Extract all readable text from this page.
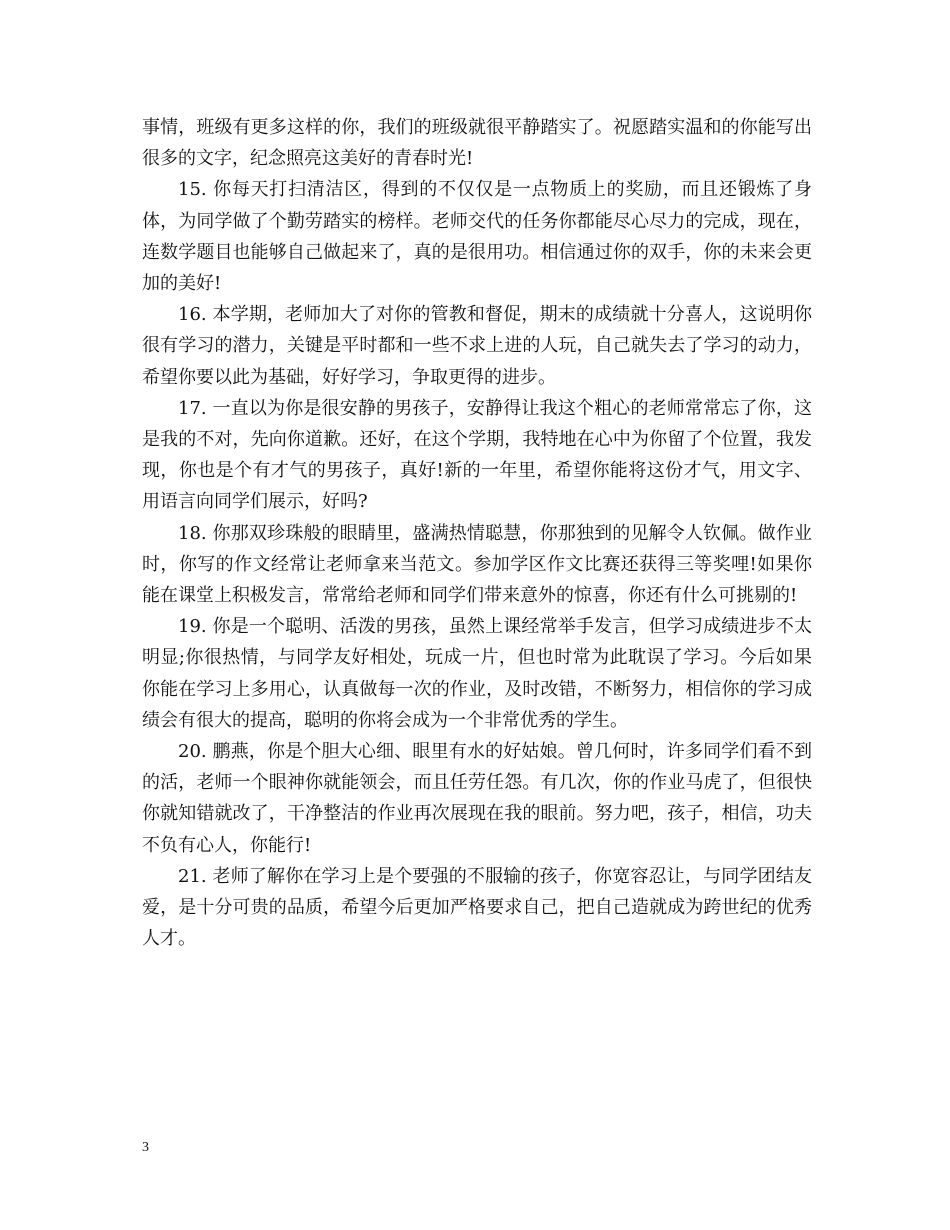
事情，班级有更多这样的你，我们的班级就很平静踏实了。祝愿踏实温和的你能写出很多的文字，纪念照亮这美好的青春时光!

15. 你每天打扫清洁区，得到的不仅仅是一点物质上的奖励，而且还锻炼了身体，为同学做了个勤劳踏实的榜样。老师交代的任务你都能尽心尽力的完成，现在，连数学题目也能够自己做起来了，真的是很用功。相信通过你的双手，你的未来会更加的美好!

16. 本学期，老师加大了对你的管教和督促，期末的成绩就十分喜人，这说明你很有学习的潜力，关键是平时都和一些不求上进的人玩，自己就失去了学习的动力，希望你要以此为基础，好好学习，争取更得的进步。

17. 一直以为你是很安静的男孩子，安静得让我这个粗心的老师常常忘了你，这是我的不对，先向你道歉。还好，在这个学期，我特地在心中为你留了个位置，我发现，你也是个有才气的男孩子，真好!新的一年里，希望你能将这份才气，用文字、用语言向同学们展示，好吗?

18. 你那双珍珠般的眼睛里，盛满热情聪慧，你那独到的见解令人钦佩。做作业时，你写的作文经常让老师拿来当范文。参加学区作文比赛还获得三等奖哩!如果你能在课堂上积极发言，常常给老师和同学们带来意外的惊喜，你还有什么可挑剔的!

19. 你是一个聪明、活泼的男孩，虽然上课经常举手发言，但学习成绩进步不太明显;你很热情，与同学友好相处，玩成一片，但也时常为此耽误了学习。今后如果你能在学习上多用心，认真做每一次的作业，及时改错，不断努力，相信你的学习成绩会有很大的提高，聪明的你将会成为一个非常优秀的学生。

20. 鹏燕，你是个胆大心细、眼里有水的好姑娘。曾几何时，许多同学们看不到的活，老师一个眼神你就能领会，而且任劳任怨。有几次，你的作业马虎了，但很快你就知错就改了，干净整洁的作业再次展现在我的眼前。努力吧，孩子，相信，功夫不负有心人，你能行!

21. 老师了解你在学习上是个要强的不服输的孩子，你宽容忍让，与同学团结友爱，是十分可贵的品质，希望今后更加严格要求自己，把自己造就成为跨世纪的优秀人才。

3
